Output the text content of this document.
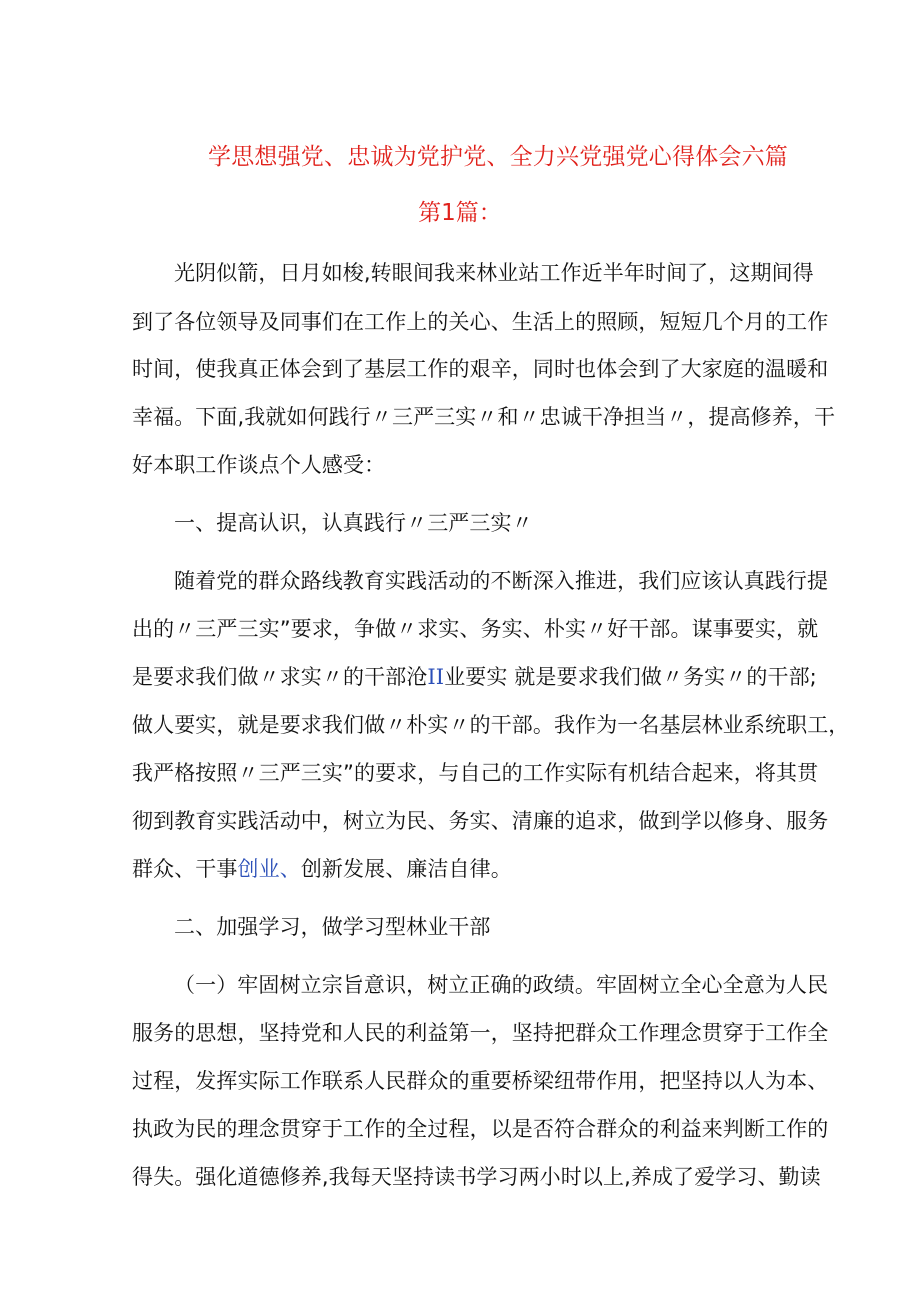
学思想强党、忠诚为党护党、全力兴党强党心得体会六篇
第1篇：
光阴似箭，日月如梭,转眼间我来林业站工作近半年时间了，这期间得
到了各位领导及同事们在工作上的关心、生活上的照顾，短短几个月的工作
时间，使我真正体会到了基层工作的艰辛，同时也体会到了大家庭的温暖和
幸福。下面,我就如何践行〃三严三实〃和〃忠诚干净担当〃，提高修养，干
好本职工作谈点个人感受：
一、提高认识，认真践行〃三严三实〃
随着党的群众路线教育实践活动的不断深入推进，我们应该认真践行提
出的〃三严三实”要求，争做〃求实、务实、朴实〃好干部。谋事要实，就
是要求我们做〃求实〃的干部沧II业要实 就是要求我们做〃务实〃的干部;
做人要实，就是要求我们做〃朴实〃的干部。我作为一名基层林业系统职工，
我严格按照〃三严三实”的要求，与自己的工作实际有机结合起来，将其贯
彻到教育实践活动中，树立为民、务实、清廉的追求，做到学以修身、服务
群众、干事创业、创新发展、廉洁自律。
二、加强学习，做学习型林业干部
（一）牢固树立宗旨意识，树立正确的政绩。牢固树立全心全意为人民
服务的思想，坚持党和人民的利益第一，坚持把群众工作理念贯穿于工作全
过程，发挥实际工作联系人民群众的重要桥梁纽带作用，把坚持以人为本、
执政为民的理念贯穿于工作的全过程，以是否符合群众的利益来判断工作的
得失。强化道德修养,我每天坚持读书学习两小时以上,养成了爱学习、勤读
